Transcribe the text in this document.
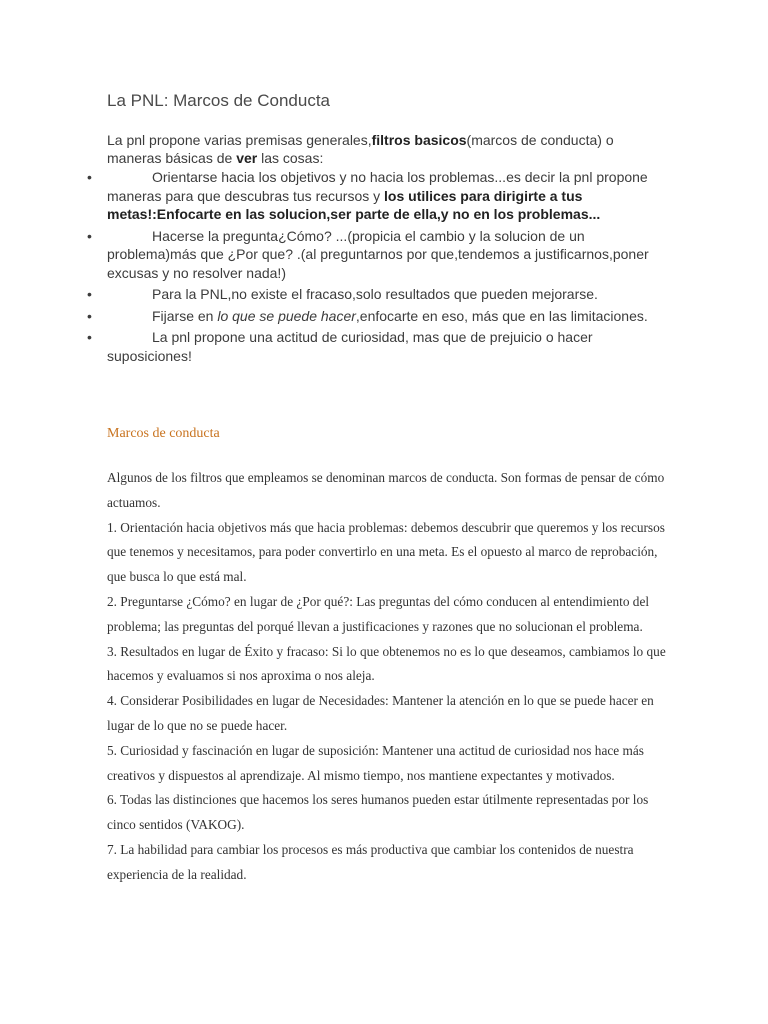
La PNL: Marcos de Conducta

La pnl propone varias premisas generales,filtros basicos(marcos de conducta) o maneras básicas de ver las cosas:

•	Orientarse hacia los objetivos y no hacia los problemas...es decir la pnl propone maneras para que descubras tus recursos y los utilices para dirigirte a tus metas!:Enfocarte en las solucion,ser parte de ella,y no en los problemas...
•	Hacerse la pregunta¿Cómo? ...(propicia el cambio y la solucion de un problema)más que ¿Por que? .(al preguntarnos por que,tendemos a justificarnos,poner excusas y no resolver nada!)
•	Para la PNL,no existe el fracaso,solo resultados que pueden mejorarse.
•	Fijarse en lo que se puede hacer,enfocarte en eso, más que en las limitaciones.
•	La pnl propone una actitud de curiosidad, mas que de prejuicio o hacer suposiciones!
Marcos de conducta

Algunos de los filtros que empleamos se denominan marcos de conducta. Son formas de pensar de cómo actuamos.

1. Orientación hacia objetivos más que hacia problemas: debemos descubrir que queremos y los recursos que tenemos y necesitamos, para poder convertirlo en una meta. Es el opuesto al marco de reprobación, que busca lo que está mal.

2. Preguntarse ¿Cómo? en lugar de ¿Por qué?: Las preguntas del cómo conducen al entendimiento del problema; las preguntas del porqué llevan a justificaciones y razones que no solucionan el problema.

3. Resultados en lugar de Éxito y fracaso: Si lo que obtenemos no es lo que deseamos, cambiamos lo que hacemos y evaluamos si nos aproxima o nos aleja.

4. Considerar Posibilidades en lugar de Necesidades: Mantener la atención en lo que se puede hacer en lugar de lo que no se puede hacer.

5. Curiosidad y fascinación en lugar de suposición: Mantener una actitud de curiosidad nos hace más creativos y dispuestos al aprendizaje. Al mismo tiempo, nos mantiene expectantes y motivados.

6. Todas las distinciones que hacemos los seres humanos pueden estar útilmente representadas por los cinco sentidos (VAKOG).

7. La habilidad para cambiar los procesos es más productiva que cambiar los contenidos de nuestra experiencia de la realidad.
